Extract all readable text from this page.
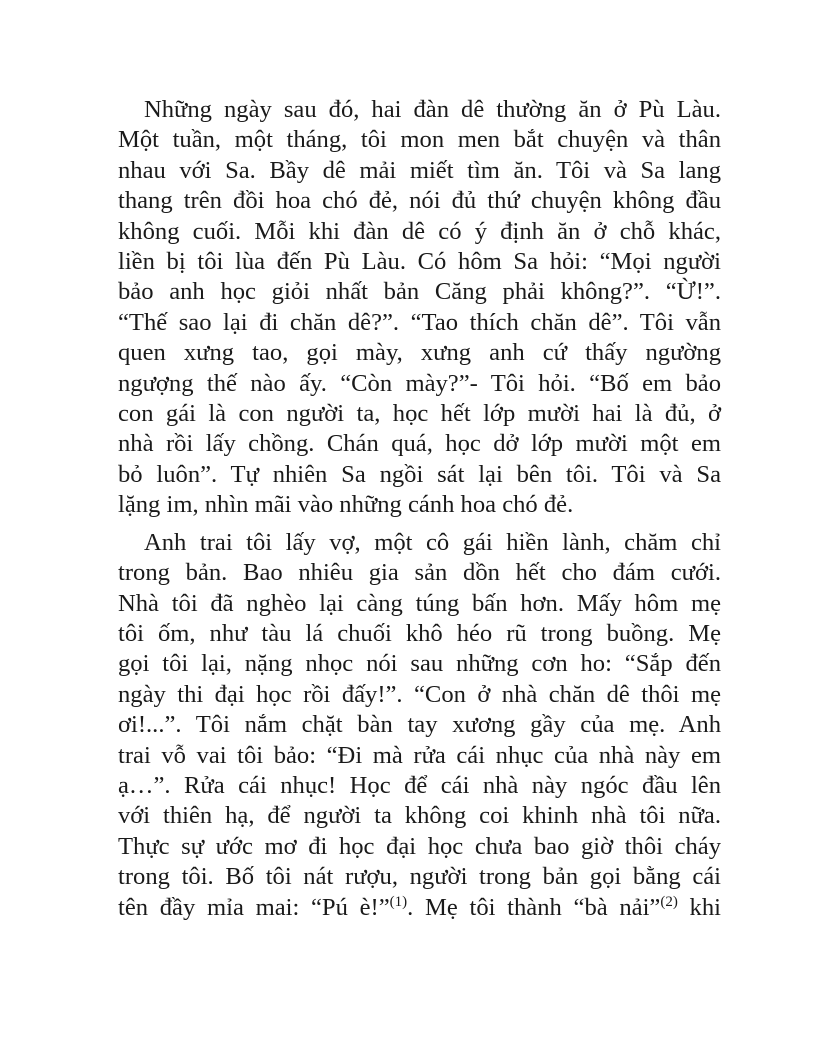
Những ngày sau đó, hai đàn dê thường ăn ở Pù Làu.
Một tuần, một tháng, tôi mon men bắt chuyện và thân
nhau với Sa. Bầy dê mải miết tìm ăn. Tôi và Sa lang
thang trên đồi hoa chó đẻ, nói đủ thứ chuyện không đầu
không cuối. Mỗi khi đàn dê có ý định ăn ở chỗ khác,
liền bị tôi lùa đến Pù Làu. Có hôm Sa hỏi: “Mọi người
bảo anh học giỏi nhất bản Căng phải không?”. “Ừ!”.
“Thế sao lại đi chăn dê?”. “Tao thích chăn dê”. Tôi vẫn
quen xưng tao, gọi mày, xưng anh cứ thấy ngường
ngượng thế nào ấy. “Còn mày?”- Tôi hỏi. “Bố em bảo
con gái là con người ta, học hết lớp mười hai là đủ, ở
nhà rồi lấy chồng. Chán quá, học dở lớp mười một em
bỏ luôn”. Tự nhiên Sa ngồi sát lại bên tôi. Tôi và Sa
lặng im, nhìn mãi vào những cánh hoa chó đẻ.
Anh trai tôi lấy vợ, một cô gái hiền lành, chăm chỉ
trong bản. Bao nhiêu gia sản dồn hết cho đám cưới.
Nhà tôi đã nghèo lại càng túng bấn hơn. Mấy hôm mẹ
tôi ốm, như tàu lá chuối khô héo rũ trong buồng. Mẹ
gọi tôi lại, nặng nhọc nói sau những cơn ho: “Sắp đến
ngày thi đại học rồi đấy!”. “Con ở nhà chăn dê thôi mẹ
ơi!...”. Tôi nắm chặt bàn tay xương gầy của mẹ. Anh
trai vỗ vai tôi bảo: “Đi mà rửa cái nhục của nhà này em
ạ…”. Rửa cái nhục! Học để cái nhà này ngóc đầu lên
với thiên hạ, để người ta không coi khinh nhà tôi nữa.
Thực sự ước mơ đi học đại học chưa bao giờ thôi cháy
trong tôi. Bố tôi nát rượu, người trong bản gọi bằng cái
tên đầy mỉa mai: “Pú è!”$^{(1)}$. Mẹ tôi thành “bà nải”$^{(2)}$ khi
